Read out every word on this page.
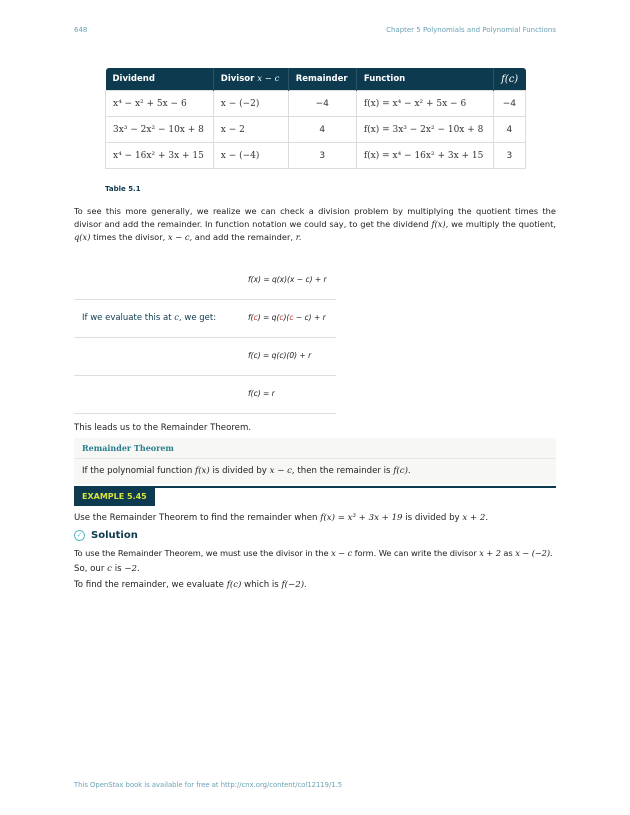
648	Chapter 5 Polynomials and Polynomial Functions
Dividend	Divisor x − c	Remainder	Function	f(c)
x⁴ − x² + 5x − 6	x − (−2)	−4	f(x) = x⁴ − x² + 5x − 6	−4
3x³ − 2x² − 10x + 8	x − 2	4	f(x) = 3x³ − 2x² − 10x + 8	4
x⁴ − 16x² + 3x + 15	x − (−4)	3	f(x) = x⁴ − 16x² + 3x + 15	3
Table 5.1
To see this more generally, we realize we can check a division problem by multiplying the quotient times the divisor and add the remainder. In function notation we could say, to get the dividend f(x), we multiply the quotient, q(x) times the divisor, x − c, and add the remainder, r.
f(x) = q(x)(x − c) + r
If we evaluate this at c, we get:	f(c) = q(c)(c − c) + r
f(c) = q(c)(0) + r
f(c) = r
This leads us to the Remainder Theorem.
Remainder Theorem
If the polynomial function f(x) is divided by x − c, then the remainder is f(c).
EXAMPLE 5.45
Use the Remainder Theorem to find the remainder when f(x) = x³ + 3x + 19 is divided by x + 2.
✓ Solution
To use the Remainder Theorem, we must use the divisor in the x − c form. We can write the divisor x + 2 as x − (−2).
So, our c is −2.
To find the remainder, we evaluate f(c) which is f(−2).
This OpenStax book is available for free at http://cnx.org/content/col12119/1.5
